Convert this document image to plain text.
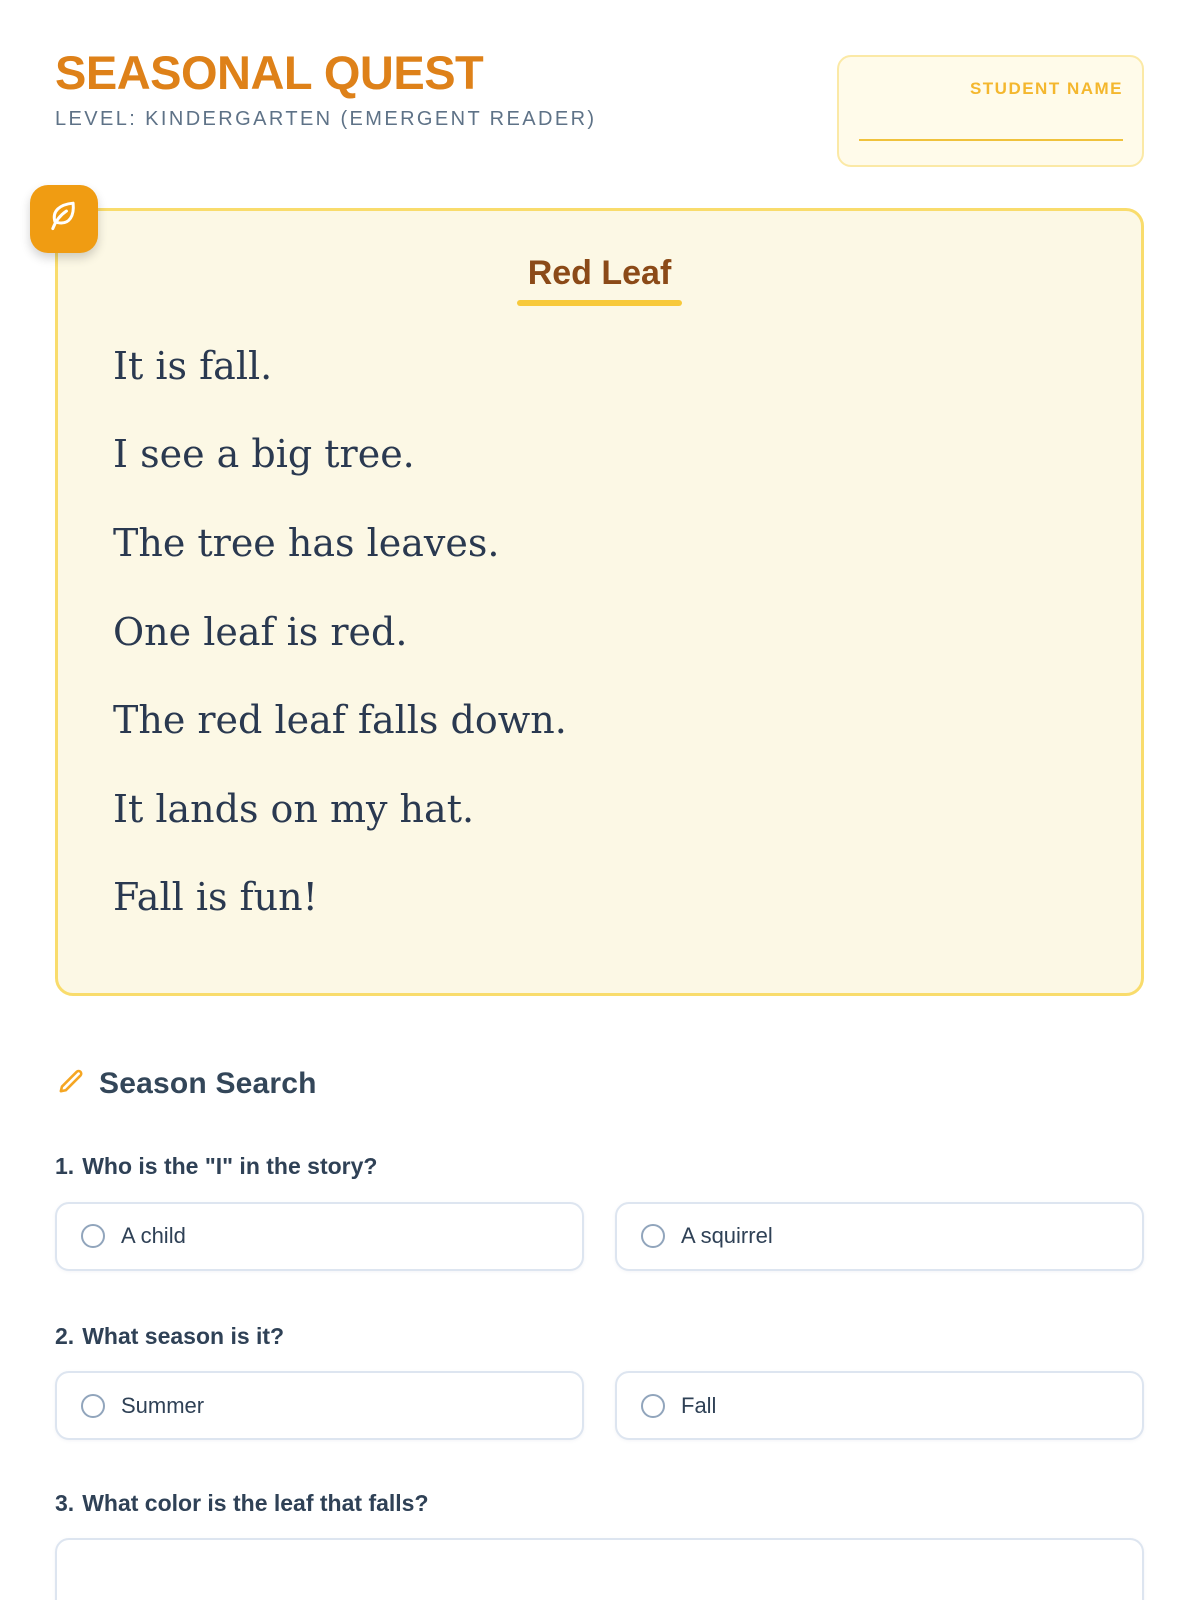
SEASONAL QUEST
LEVEL: KINDERGARTEN (EMERGENT READER)
STUDENT NAME
Red Leaf

It is fall.

I see a big tree.

The tree has leaves.

One leaf is red.

The red leaf falls down.

It lands on my hat.

Fall is fun!

Season Search
1. Who is the "I" in the story?
A child	A squirrel
2. What season is it?
Summer	Fall
3. What color is the leaf that falls?
